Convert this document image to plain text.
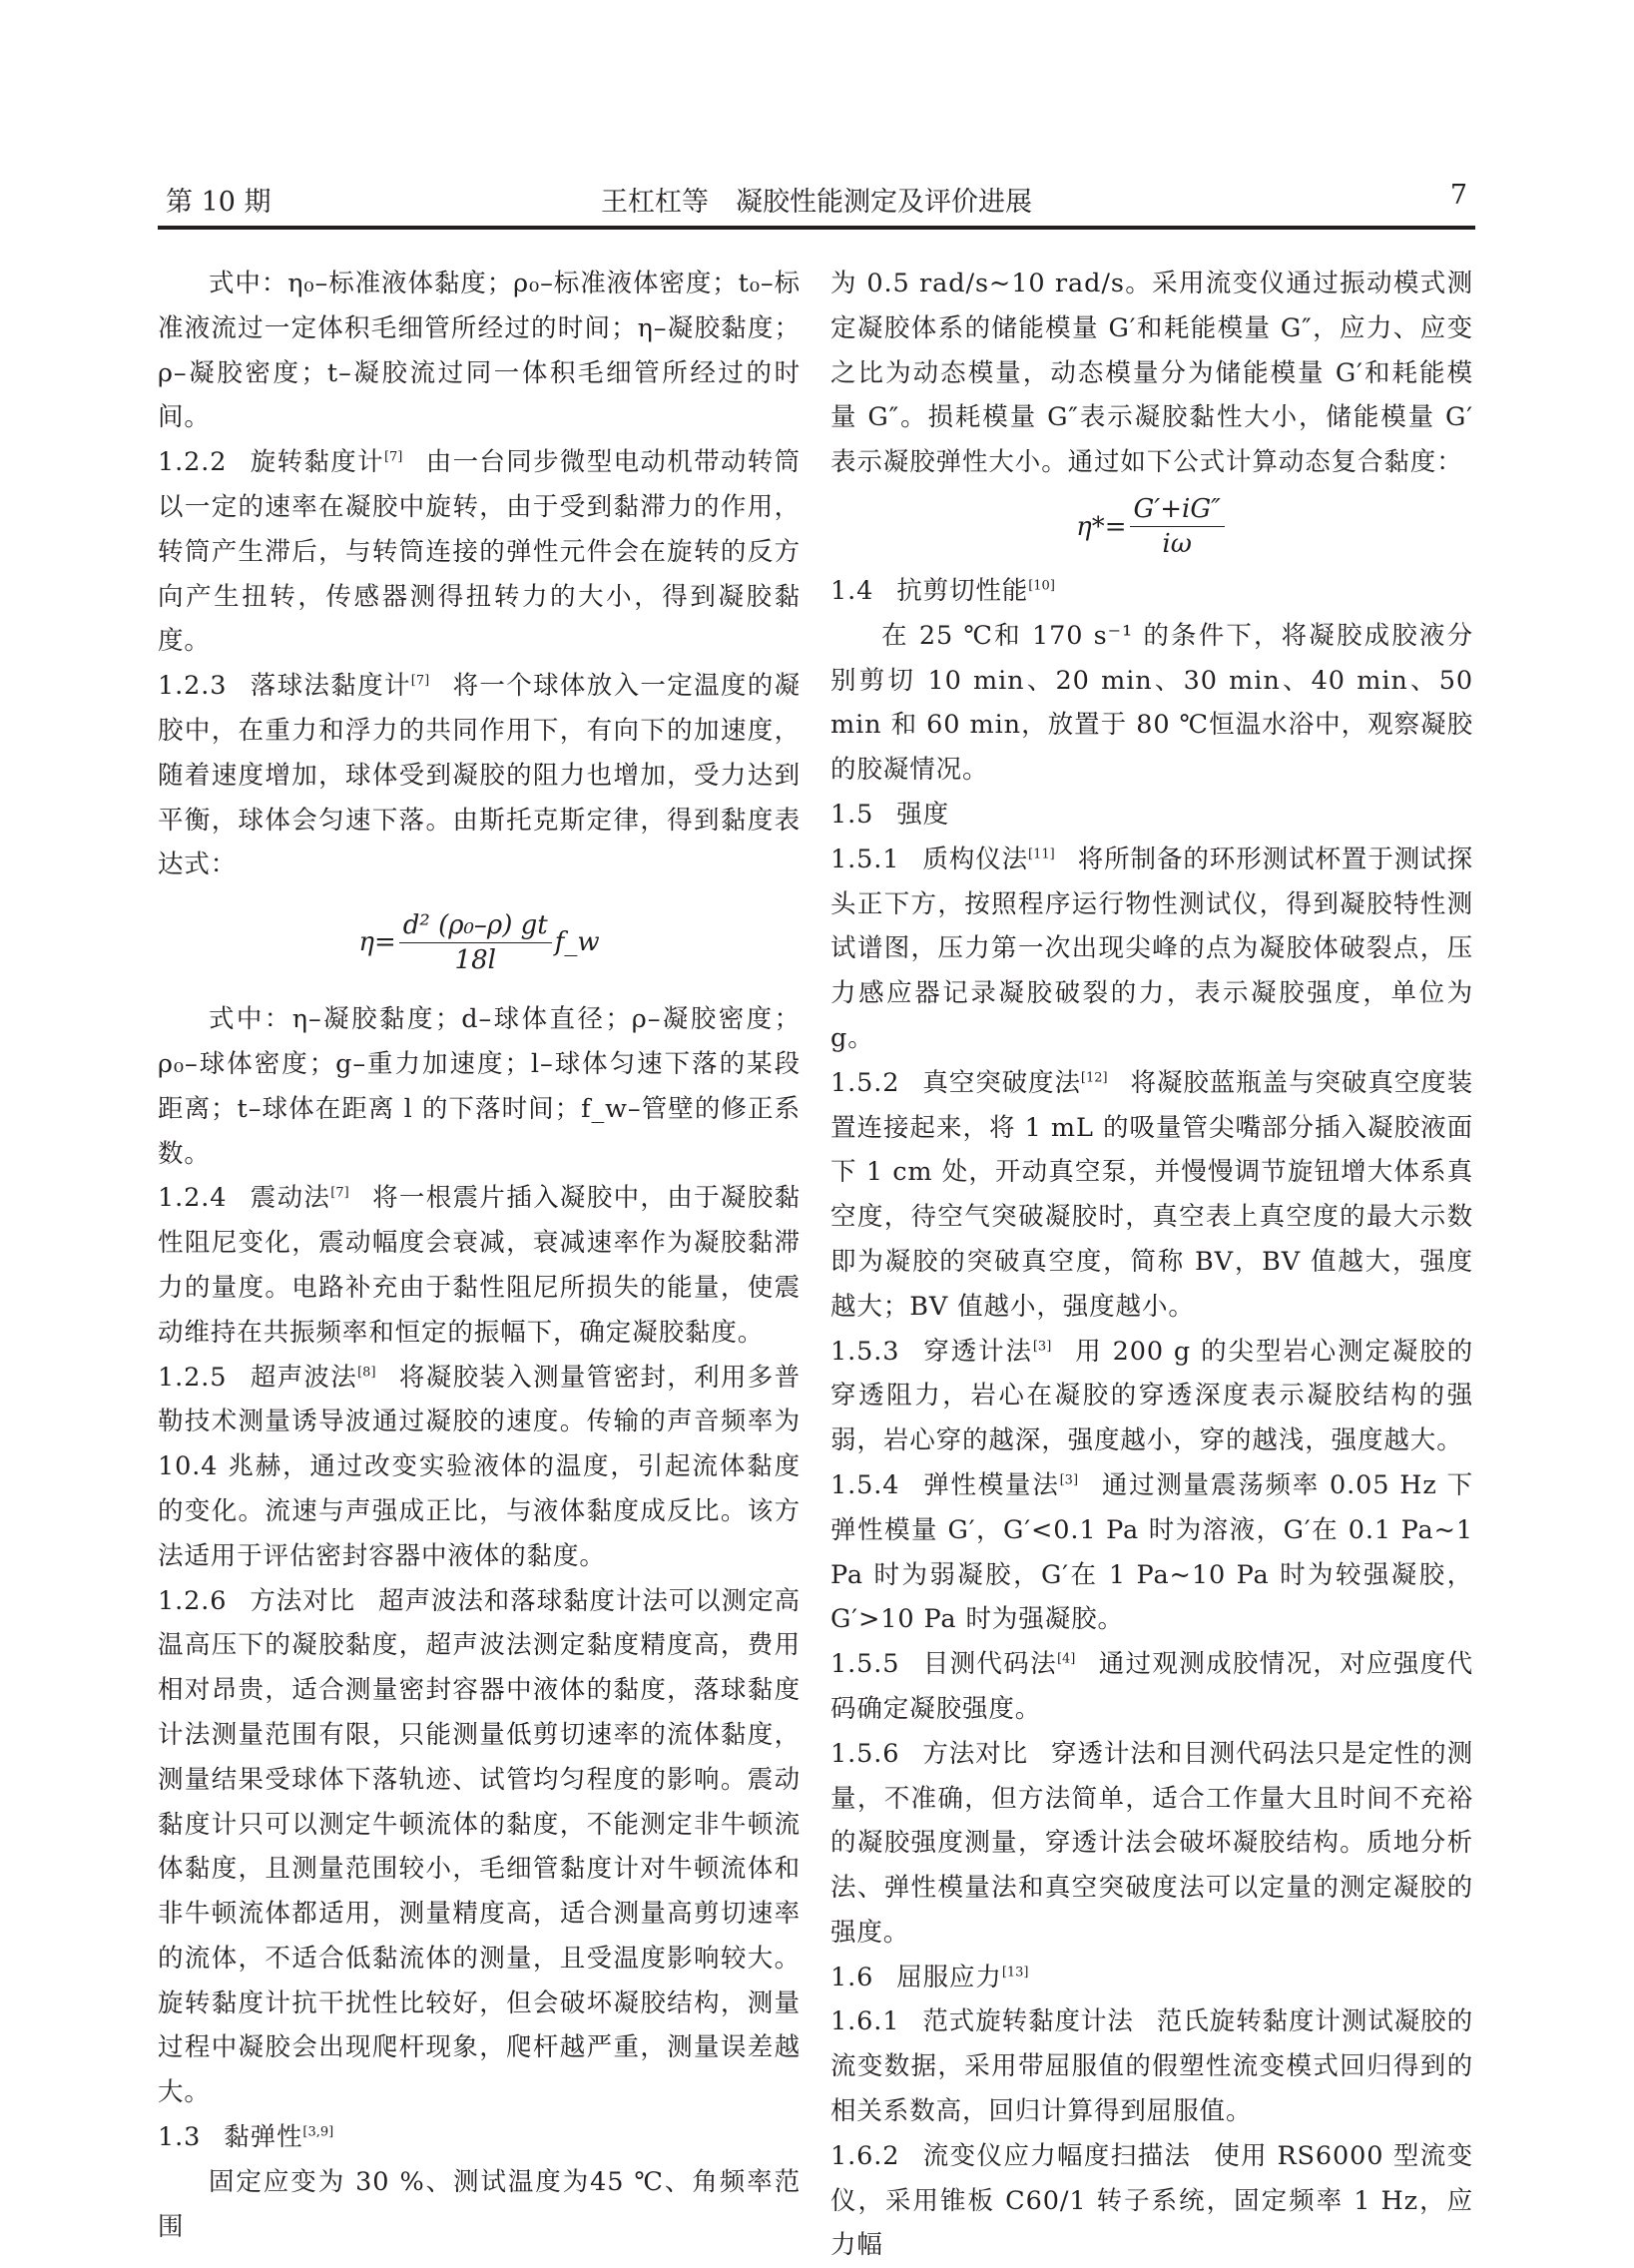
第 10 期	王杠杠等　凝胶性能测定及评价进展	7

式中：η₀–标准液体黏度；ρ₀–标准液体密度；t₀–标准液流过一定体积毛细管所经过的时间；η–凝胶黏度；ρ–凝胶密度；t–凝胶流过同一体积毛细管所经过的时间。

1.2.2 旋转黏度计[7] 由一台同步微型电动机带动转筒以一定的速率在凝胶中旋转，由于受到黏滞力的作用，转筒产生滞后，与转筒连接的弹性元件会在旋转的反方向产生扭转，传感器测得扭转力的大小，得到凝胶黏度。

1.2.3 落球法黏度计[7] 将一个球体放入一定温度的凝胶中，在重力和浮力的共同作用下，有向下的加速度，随着速度增加，球体受到凝胶的阻力也增加，受力达到平衡，球体会匀速下落。由斯托克斯定律，得到黏度表达式：

$\eta= \frac{\text{d² (ρ₀–ρ) gt}}{18l}$ f_w

式中：η–凝胶黏度；d–球体直径；ρ–凝胶密度；ρ₀–球体密度；g–重力加速度；l–球体匀速下落的某段距离；t–球体在距离 l 的下落时间；f_w–管壁的修正系数。

1.2.4 震动法[7] 将一根震片插入凝胶中，由于凝胶黏性阻尼变化，震动幅度会衰减，衰减速率作为凝胶黏滞力的量度。电路补充由于黏性阻尼所损失的能量，使震动维持在共振频率和恒定的振幅下，确定凝胶黏度。

1.2.5 超声波法[8] 将凝胶装入测量管密封，利用多普勒技术测量诱导波通过凝胶的速度。传输的声音频率为 10.4 兆赫，通过改变实验液体的温度，引起流体黏度的变化。流速与声强成正比，与液体黏度成反比。该方法适用于评估密封容器中液体的黏度。

1.2.6 方法对比 超声波法和落球黏度计法可以测定高温高压下的凝胶黏度，超声波法测定黏度精度高，费用相对昂贵，适合测量密封容器中液体的黏度，落球黏度计法测量范围有限，只能测量低剪切速率的流体黏度，测量结果受球体下落轨迹、试管均匀程度的影响。震动黏度计只可以测定牛顿流体的黏度，不能测定非牛顿流体黏度，且测量范围较小，毛细管黏度计对牛顿流体和非牛顿流体都适用，测量精度高，适合测量高剪切速率的流体，不适合低黏流体的测量，且受温度影响较大。旋转黏度计抗干扰性比较好，但会破坏凝胶结构，测量过程中凝胶会出现爬杆现象，爬杆越严重，测量误差越大。

1.3 黏弹性[3,9]

固定应变为 30 %、测试温度为45 ℃、角频率范围

为 0.5 rad/s~10 rad/s。采用流变仪通过振动模式测定凝胶体系的储能模量 G′和耗能模量 G″，应力、应变之比为动态模量，动态模量分为储能模量 G′和耗能模量 G″。损耗模量 G″表示凝胶黏性大小，储能模量 G′表示凝胶弹性大小。通过如下公式计算动态复合黏度：

$\eta*= \frac{G'+iG''}{i\omega}$

1.4 抗剪切性能[10]

在 25 ℃和 170 s⁻¹ 的条件下，将凝胶成胶液分别剪切 10 min、20 min、30 min、40 min、50 min 和 60 min，放置于 80 ℃恒温水浴中，观察凝胶的胶凝情况。

1.5 强度

1.5.1 质构仪法[11] 将所制备的环形测试杯置于测试探头正下方，按照程序运行物性测试仪，得到凝胶特性测试谱图，压力第一次出现尖峰的点为凝胶体破裂点，压力感应器记录凝胶破裂的力，表示凝胶强度，单位为 g。

1.5.2 真空突破度法[12] 将凝胶蓝瓶盖与突破真空度装置连接起来，将 1 mL 的吸量管尖嘴部分插入凝胶液面下 1 cm 处，开动真空泵，并慢慢调节旋钮增大体系真空度，待空气突破凝胶时，真空表上真空度的最大示数即为凝胶的突破真空度，简称 BV，BV 值越大，强度越大；BV 值越小，强度越小。

1.5.3 穿透计法[3] 用 200 g 的尖型岩心测定凝胶的穿透阻力，岩心在凝胶的穿透深度表示凝胶结构的强弱，岩心穿的越深，强度越小，穿的越浅，强度越大。

1.5.4 弹性模量法[3] 通过测量震荡频率 0.05 Hz 下弹性模量 G′，G′<0.1 Pa 时为溶液，G′在 0.1 Pa~1 Pa 时为弱凝胶，G′在 1 Pa~10 Pa 时为较强凝胶，G′>10 Pa 时为强凝胶。

1.5.5 目测代码法[4] 通过观测成胶情况，对应强度代码确定凝胶强度。

1.5.6 方法对比 穿透计法和目测代码法只是定性的测量，不准确，但方法简单，适合工作量大且时间不充裕的凝胶强度测量，穿透计法会破坏凝胶结构。质地分析法、弹性模量法和真空突破度法可以定量的测定凝胶的强度。

1.6 屈服应力[13]

1.6.1 范式旋转黏度计法 范氏旋转黏度计测试凝胶的流变数据，采用带屈服值的假塑性流变模式回归得到的相关系数高，回归计算得到屈服值。

1.6.2 流变仪应力幅度扫描法 使用 RS6000 型流变仪，采用锥板 C60/1 转子系统，固定频率 1 Hz，应力幅
